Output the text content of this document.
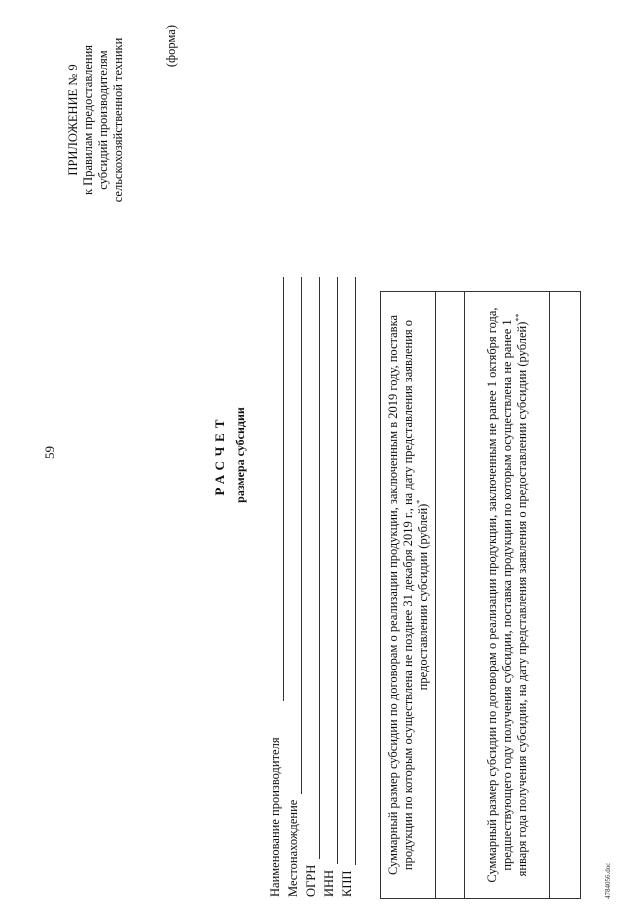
59
ПРИЛОЖЕНИЕ № 9 к Правилам предоставления субсидий производителям сельскохозяйственной техники	(форма)
РАСЧЕТ размера субсидии
Наименование производителя Местонахождение ОГРН ИНН КПП
Суммарный размер субсидии по договорам о реализации продукции, заключенным в 2019 году, поставка продукции по которым осуществлена не позднее 31 декабря 2019 г., на дату представления заявления о предоставлении субсидии (рублей)*

Суммарный размер субсидии по договорам о реализации продукции, заключенным не ранее 1 октября года, предшествующего году получения субсидии, поставка продукции по которым осуществлена не ранее 1 января года получения субсидии, на дату представления заявления о предоставлении субсидии (рублей)**

4784056.doc
